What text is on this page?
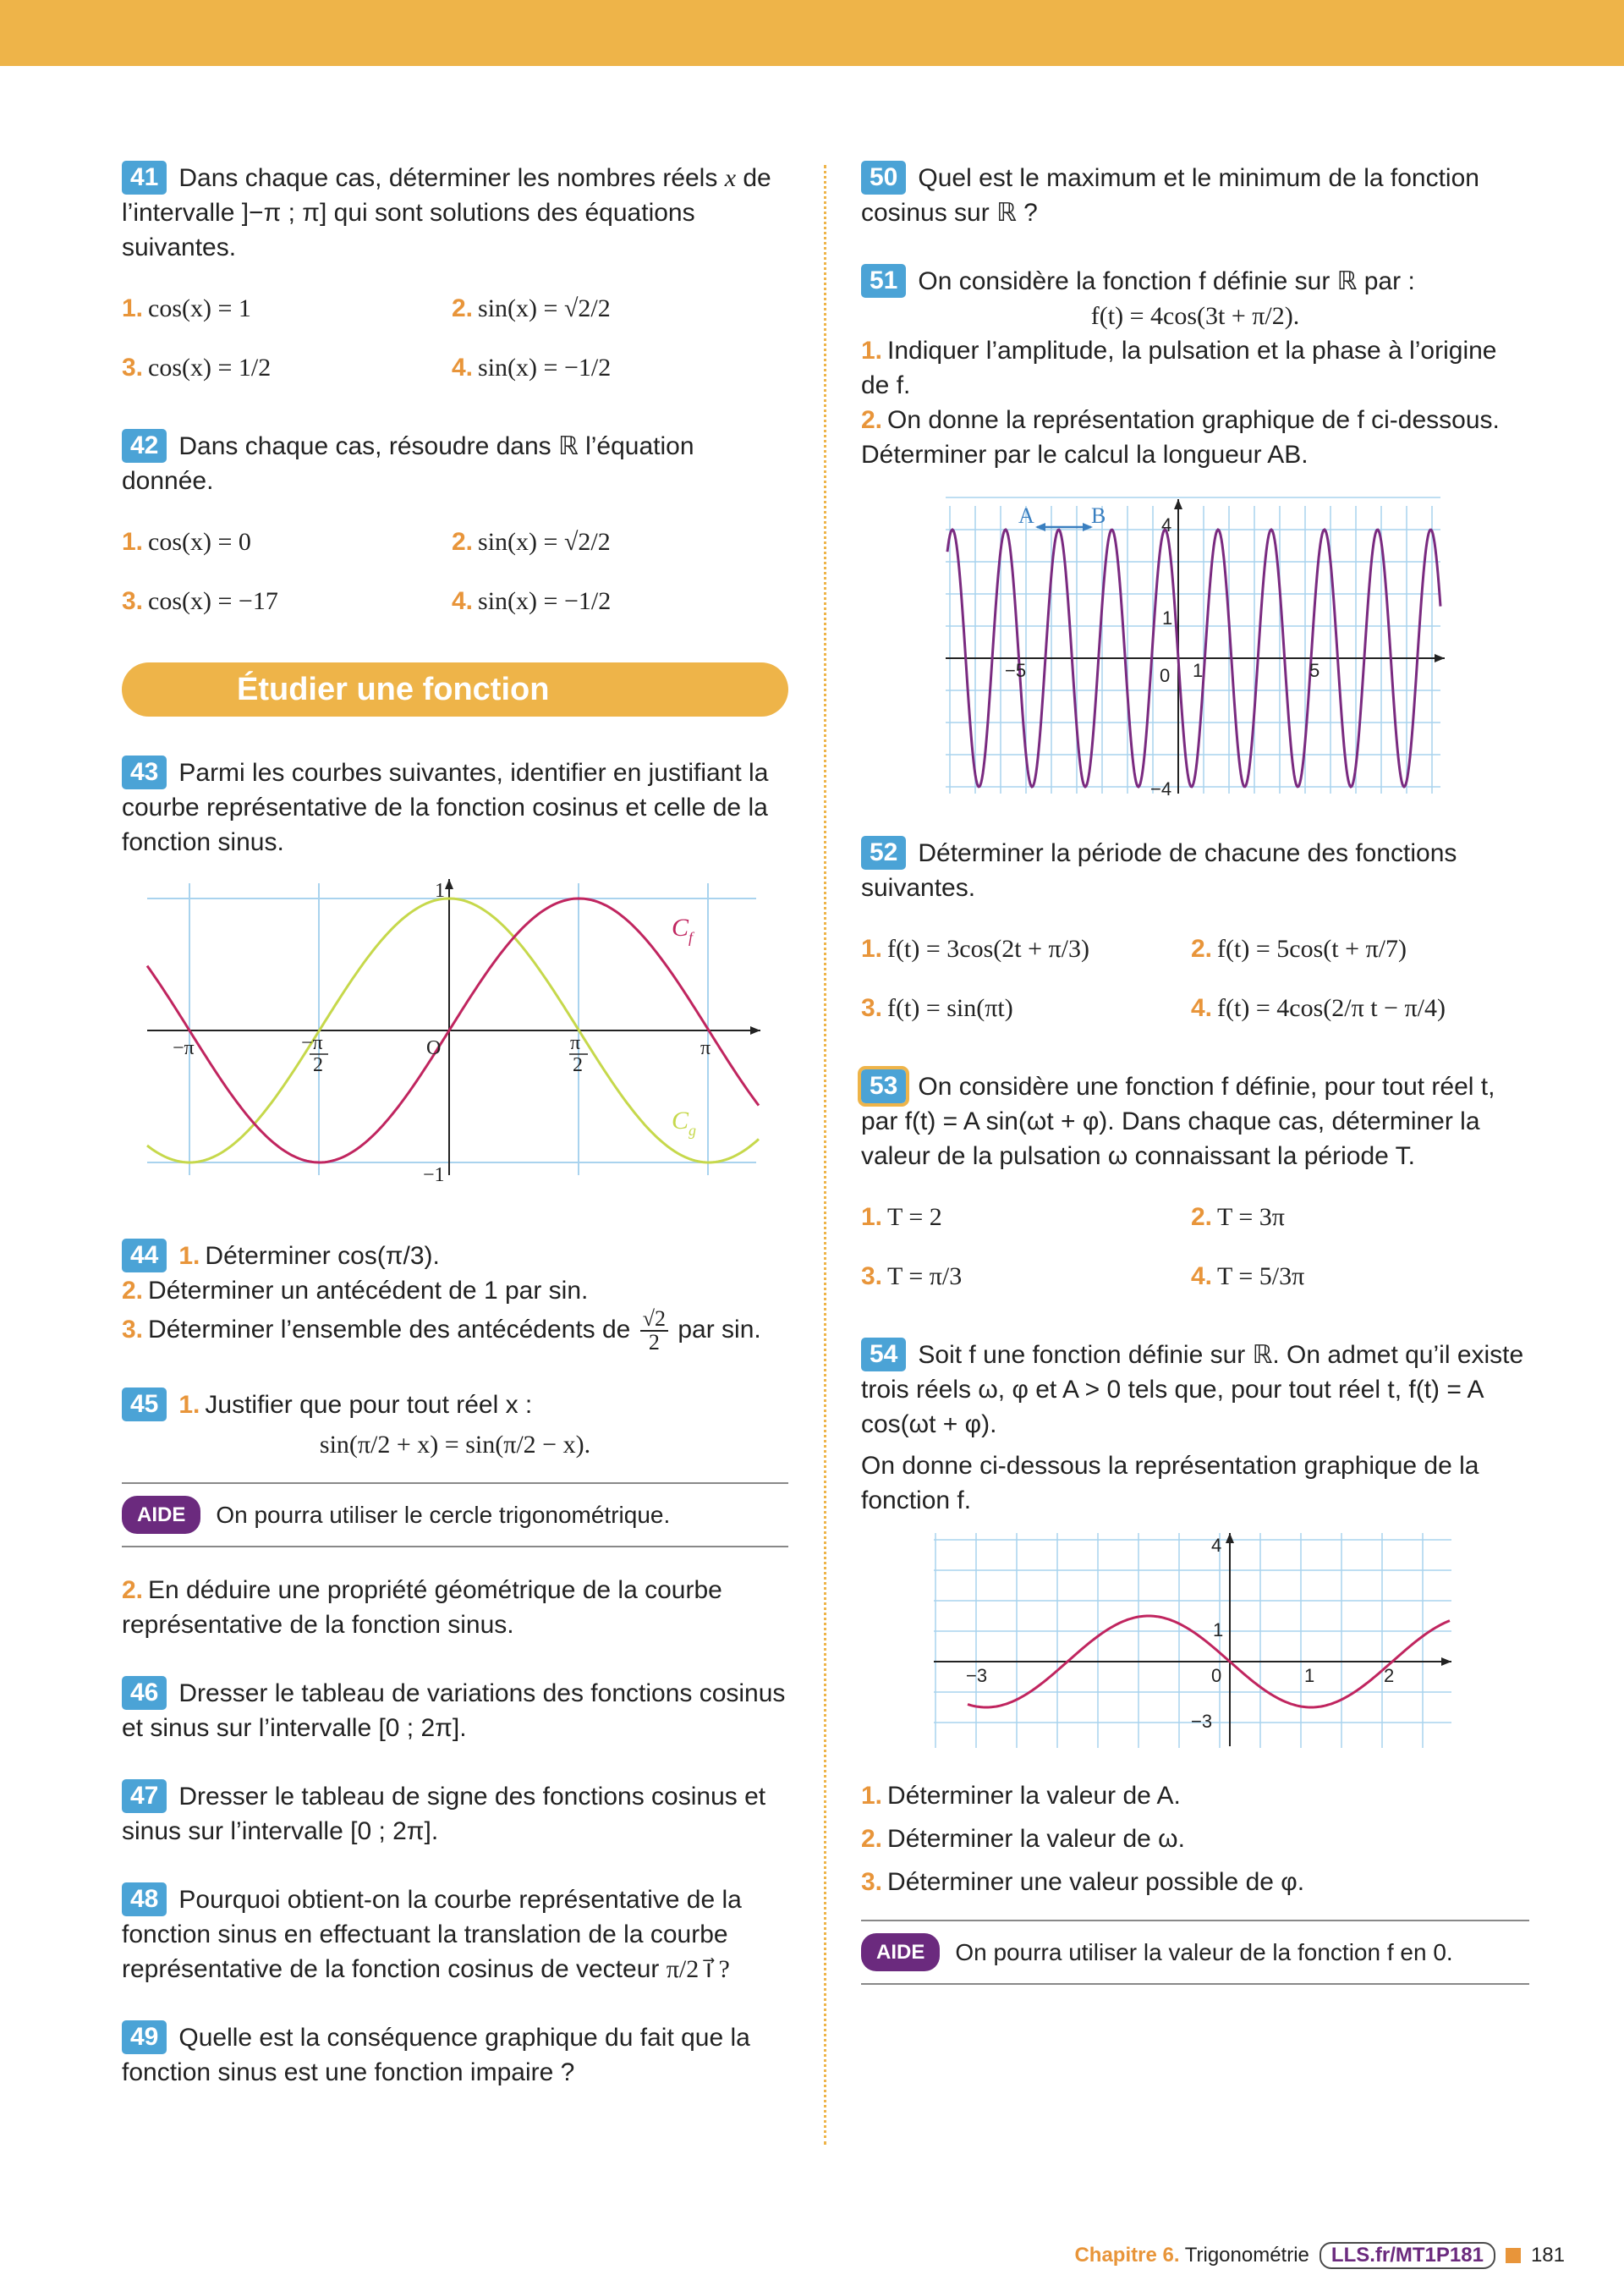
41 Dans chaque cas, déterminer les nombres réels x de l’intervalle ]−π ; π] qui sont solutions des équations suivantes.

1. cos(x) = 1	2. sin(x) = √2/2
3. cos(x) = 1/2	4. sin(x) = −1/2

42 Dans chaque cas, résoudre dans ℝ l’équation donnée.

1. cos(x) = 0	2. sin(x) = √2/2
3. cos(x) = −17	4. sin(x) = −1/2
Étudier une fonction trigonométrique

43 Parmi les courbes suivantes, identifier en justifiant la courbe représentative de la fonction cosinus et celle de la fonction sinus.

1
−1
O
−π	π
−π
2
π
2
$C_f$
$C_g$

44 1. Déterminer cos(π/3).

2. Déterminer un antécédent de 1 par sin.

3. Déterminer l’ensemble des antécédents de $\frac{√2}{2}$ par sin.

45 1. Justifier que pour tout réel x :

sin(π/2 + x) = sin(π/2 − x).

AIDE	On pourra utiliser le cercle trigonométrique.

2. En déduire une propriété géométrique de la courbe représentative de la fonction sinus.

46 Dresser le tableau de variations des fonctions cosinus et sinus sur l’intervalle [0 ; 2π].

47 Dresser le tableau de signe des fonctions cosinus et sinus sur l’intervalle [0 ; 2π].

48 Pourquoi obtient-on la courbe représentative de la fonction sinus en effectuant la translation de la courbe représentative de la fonction cosinus de vecteur π/2 i⃗ ?

49 Quelle est la conséquence graphique du fait que la fonction sinus est une fonction impaire ?

50 Quel est le maximum et le minimum de la fonction cosinus sur ℝ ?

51 On considère la fonction f définie sur ℝ par :

f(t) = 4cos(3t + π/2).

1. Indiquer l’amplitude, la pulsation et la phase à l’origine de f.

2. On donne la représentation graphique de f ci-dessous. Déterminer par le calcul la longueur AB.

A	B	4
1
0
−4
−5	1	5

52 Déterminer la période de chacune des fonctions suivantes.

1. f(t) = 3cos(2t + π/3)	2. f(t) = 5cos(t + π/7)
3. f(t) = sin(πt)	4. f(t) = 4cos(2/π t − π/4)

53 On considère une fonction f définie, pour tout réel t, par f(t) = A sin(ωt + φ). Dans chaque cas, déterminer la valeur de la pulsation ω connaissant la période T.

1. T = 2	2. T = 3π
3. T = π/3	4. T = 5/3π

54 Soit f une fonction définie sur ℝ. On admet qu’il existe trois réels ω, φ et A > 0 tels que, pour tout réel t, f(t) = A cos(ωt + φ).

On donne ci-dessous la représentation graphique de la fonction f.

4
1
−3
−3	0	1	2

1. Déterminer la valeur de A.

2. Déterminer la valeur de ω.

3. Déterminer une valeur possible de φ.

AIDE	On pourra utiliser la valeur de la fonction f en 0.
Chapitre 6. Trigonométrie	LLS.fr/MT1P181	181
